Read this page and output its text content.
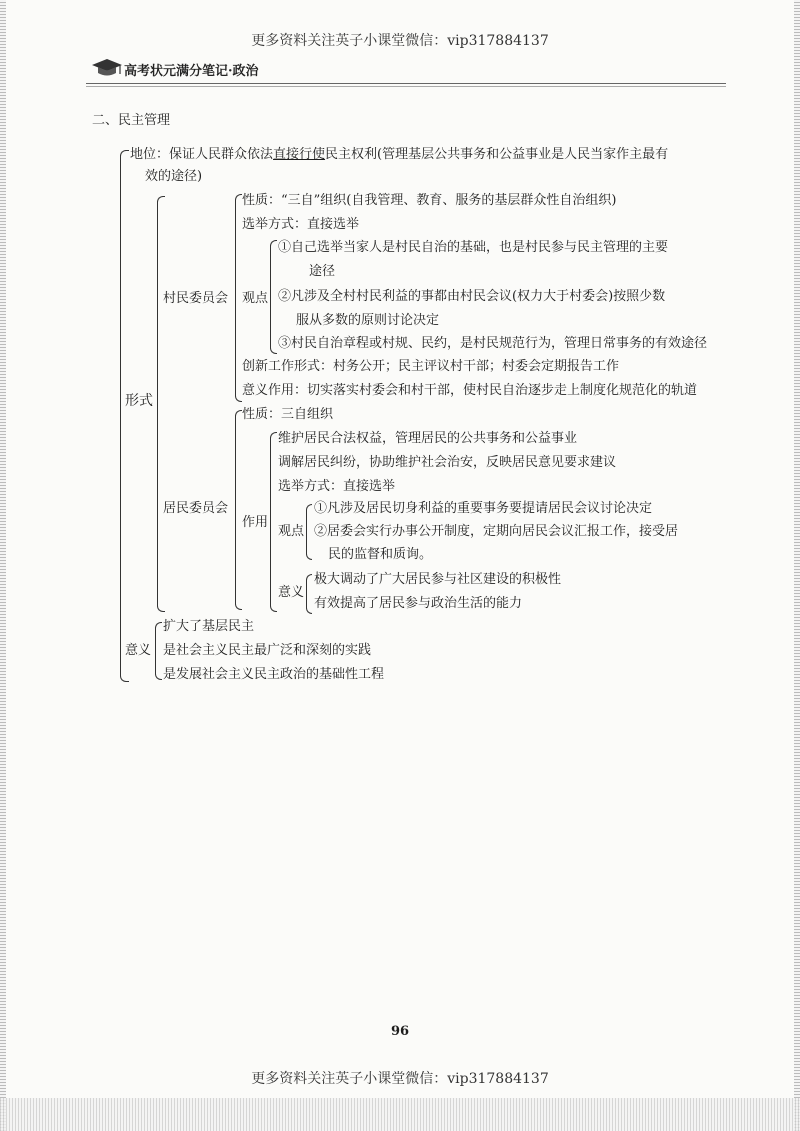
更多资料关注英子小课堂微信：vip317884137
高考状元满分笔记·政治
二、民主管理
地位：保证人民群众依法直接行使民主权利(管理基层公共事务和公益事业是人民当家作主最有
效的途径)
形式
村民委员会
性质：“三自”组织(自我管理、教育、服务的基层群众性自治组织)
选举方式：直接选举
观点
①自己选举当家人是村民自治的基础，也是村民参与民主管理的主要
途径
②凡涉及全村村民利益的事都由村民会议(权力大于村委会)按照少数
服从多数的原则讨论决定
③村民自治章程或村规、民约，是村民规范行为，管理日常事务的有效途径
创新工作形式：村务公开；民主评议村干部；村委会定期报告工作
意义作用：切实落实村委会和村干部，使村民自治逐步走上制度化规范化的轨道
居民委员会
性质：三自组织
作用
维护居民合法权益，管理居民的公共事务和公益事业
调解居民纠纷，协助维护社会治安，反映居民意见要求建议
选举方式：直接选举
观点
①凡涉及居民切身利益的重要事务要提请居民会议讨论决定
②居委会实行办事公开制度，定期向居民会议汇报工作，接受居
民的监督和质询。
意义
极大调动了广大居民参与社区建设的积极性
有效提高了居民参与政治生活的能力
意义
扩大了基层民主
是社会主义民主最广泛和深刻的实践
是发展社会主义民主政治的基础性工程
96
更多资料关注英子小课堂微信：vip317884137
